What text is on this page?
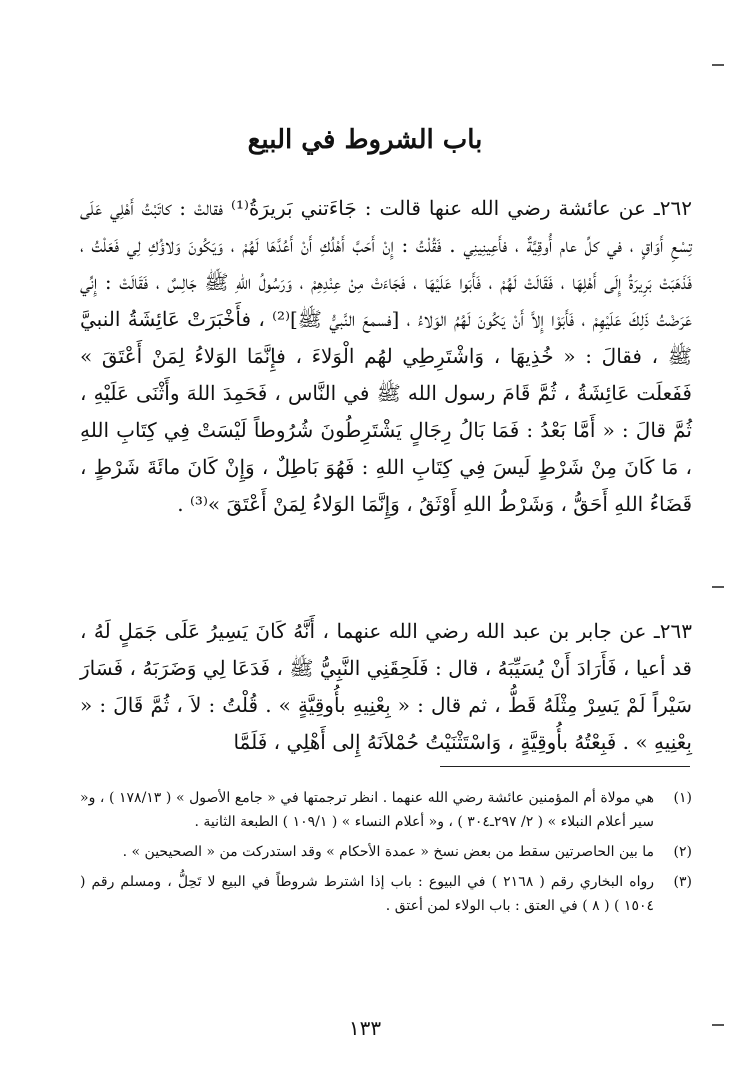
باب الشروط في البيع

٢٦٢ـ عن عائشة رضي الله عنها قالت : جَاءَتني بَريرَةُ⁽¹⁾ فقالتْ : كاتَبْتُ أَهْلِي عَلَى تِسْعِ أَوَاقٍ ، في كلِّ عام أُوقِيَّةٌ ، فأَعِينِينِي . فَقُلْتُ : إِنْ أَحَبَّ أَهْلُكِ أَنْ أَعُدَّهَا لَهُمْ ، وَيَكُونَ وَلاؤُكِ لِي فَعَلْتُ ، فَذَهَبَتْ بَرِيرَةُ إِلَى أَهْلِهَا ، فَقَالَتْ لَهُمْ ، فَأَبَوا عَلَيْهَا ، فَجَاءَتْ مِنْ عِنْدِهِمْ ، وَرَسُولُ اللهِ ﷺ جَالِسٌ ، فَقَالَتْ : إِنِّي عَرَضْتُ ذَلِكَ عَلَيْهِمْ ، فَأَبَوْا إِلاَّ أَنْ يَكُونَ لَهُمُ الوَلاءُ ، [فسمعَ النَّبيُّ ﷺ]⁽²⁾ ، فأَخْبَرَتْ عَائِشَةُ النبيَّ ﷺ ، فقالَ : « خُذِيهَا ، وَاشْتَرِطِي لهُم الْوَلاءَ ، فإِنَّمَا الوَلاءُ لِمَنْ أَعْتَقَ » فَفَعلَت عَائِشَةُ ، ثُمَّ قَامَ رسول الله ﷺ في النَّاس ، فَحَمِدَ اللهَ وأَثْنَى عَلَيْهِ ، ثُمَّ قالَ : « أَمَّا بَعْدُ : فَمَا بَالُ رِجَالٍ يَشْتَرِطُونَ شُرُوطاً لَيْسَتْ فِي كِتَابِ اللهِ ، مَا كَانَ مِنْ شَرْطٍ لَيسَ فِي كِتَابِ اللهِ : فَهُوَ بَاطِلٌ ، وَإِنْ كَانَ مائَةَ شَرْطٍ ، قَضَاءُ اللهِ أَحَقُّ ، وَشَرْطُ اللهِ أَوْثَقُ ، وَإِنَّمَا الوَلاءُ لِمَنْ أَعْتَقَ »⁽³⁾ .

٢٦٣ـ عن جابر بن عبد الله رضي الله عنهما ، أَنَّهُ كَانَ يَسِيرُ عَلَى جَمَلٍ لَهُ ، قد أعيا ، فَأَرَادَ أَنْ يُسَيِّبَهُ ، قال : فَلَحِقَنِي النَّبِيُّ ﷺ ، فَدَعَا لِي وَضَرَبَهُ ، فَسَارَ سَيْراً لَمْ يَسِرْ مِثْلَهُ قَطُّ ، ثم قال : « بِعْنِيهِ بأُوقِيَّةٍ » . قُلْتُ : لاَ ، ثُمَّ قَالَ : « بِعْنِيهِ » . فَبِعْتُهُ بأُوقِيَّةٍ ، وَاسْتَثْنَيْتُ حُمْلاَنَهُ إِلى أَهْلِي ، فَلَمَّا

(١)
هي مولاة أم المؤمنين عائشة رضي الله عنهما . انظر ترجمتها في « جامع الأصول » ( ١٧٨/١٣ ) ، و« سير أعلام النبلاء » ( ٢/ ٢٩٧ـ٣٠٤ ) ، و« أعلام النساء » ( ١٠٩/١ ) الطبعة الثانية .
(٢)
ما بين الحاصرتين سقط من بعض نسخ « عمدة الأحكام » وقد استدركت من « الصحيحين » .
(٣)
رواه البخاري رقم ( ٢١٦٨ ) في البيوع : باب إذا اشترط شروطاً في البيع لا تَحِلُّ ، ومسلم رقم ( ١٥٠٤ ) ( ٨ ) في العتق : باب الولاء لمن أعتق .
١٣٣
